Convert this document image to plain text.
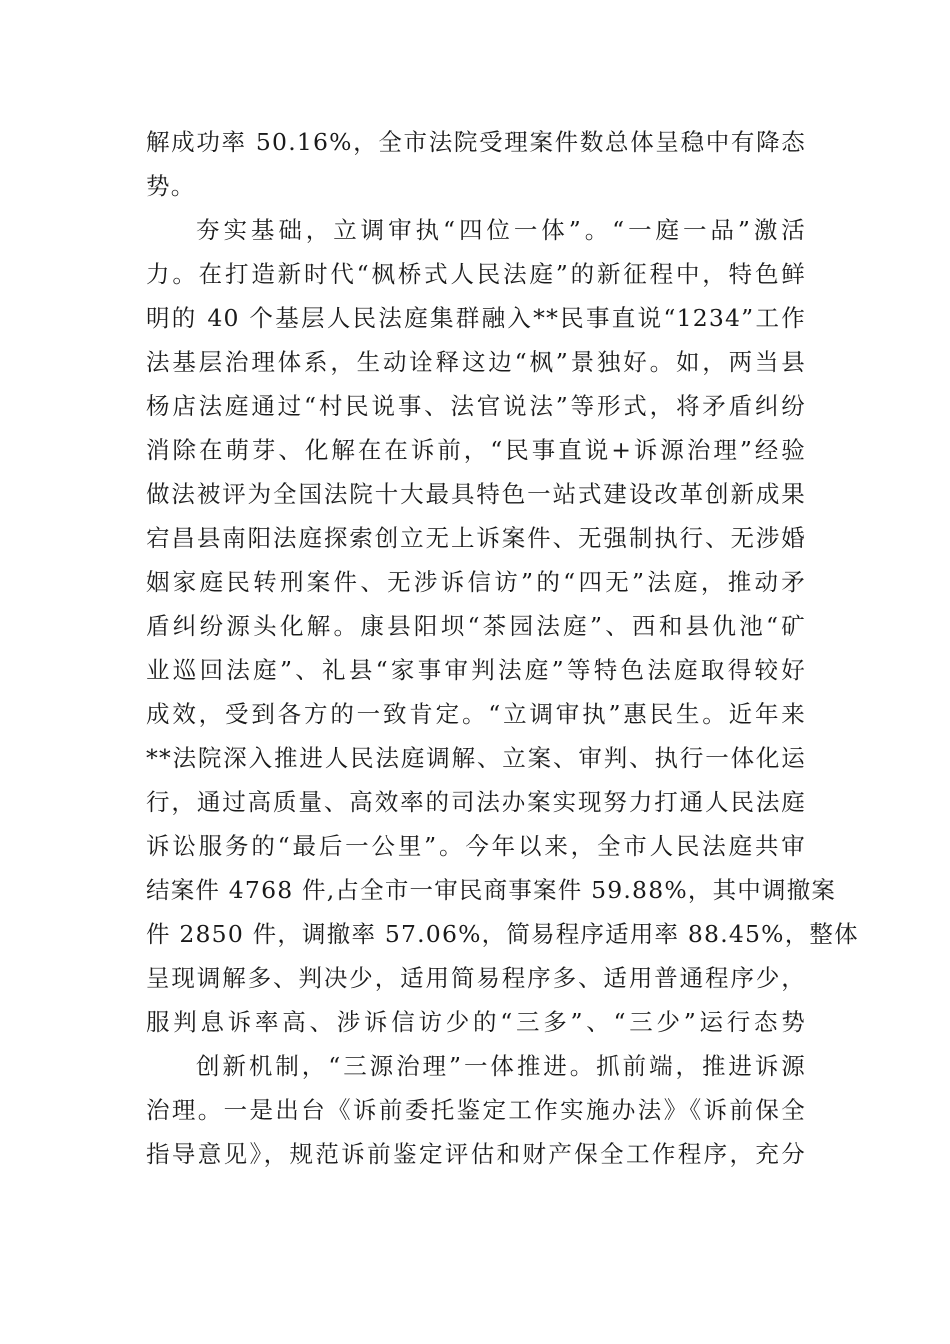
解成功率 50.16%，全市法院受理案件数总体呈稳中有降态
势。
夯实基础，立调审执“四位一体”。“一庭一品”激活
力。在打造新时代“枫桥式人民法庭”的新征程中，特色鲜
明的 40 个基层人民法庭集群融入**民事直说“1234”工作
法基层治理体系，生动诠释这边“枫”景独好。如，两当县
杨店法庭通过“村民说事、法官说法”等形式，将矛盾纠纷
消除在萌芽、化解在在诉前，“民事直说+诉源治理”经验
做法被评为全国法院十大最具特色一站式建设改革创新成果
宕昌县南阳法庭探索创立无上诉案件、无强制执行、无涉婚
姻家庭民转刑案件、无涉诉信访”的“四无”法庭，推动矛
盾纠纷源头化解。康县阳坝“茶园法庭”、西和县仇池“矿
业巡回法庭”、礼县“家事审判法庭”等特色法庭取得较好
成效，受到各方的一致肯定。“立调审执”惠民生。近年来
**法院深入推进人民法庭调解、立案、审判、执行一体化运
行，通过高质量、高效率的司法办案实现努力打通人民法庭
诉讼服务的“最后一公里”。今年以来，全市人民法庭共审
结案件 4768 件,占全市一审民商事案件 59.88%，其中调撤案
件 2850 件，调撤率 57.06%，简易程序适用率 88.45%，整体
呈现调解多、判决少，适用简易程序多、适用普通程序少，
服判息诉率高、涉诉信访少的“三多”、“三少”运行态势
创新机制，“三源治理”一体推进。抓前端，推进诉源
治理。一是出台《诉前委托鉴定工作实施办法》《诉前保全
指导意见》，规范诉前鉴定评估和财产保全工作程序，充分
